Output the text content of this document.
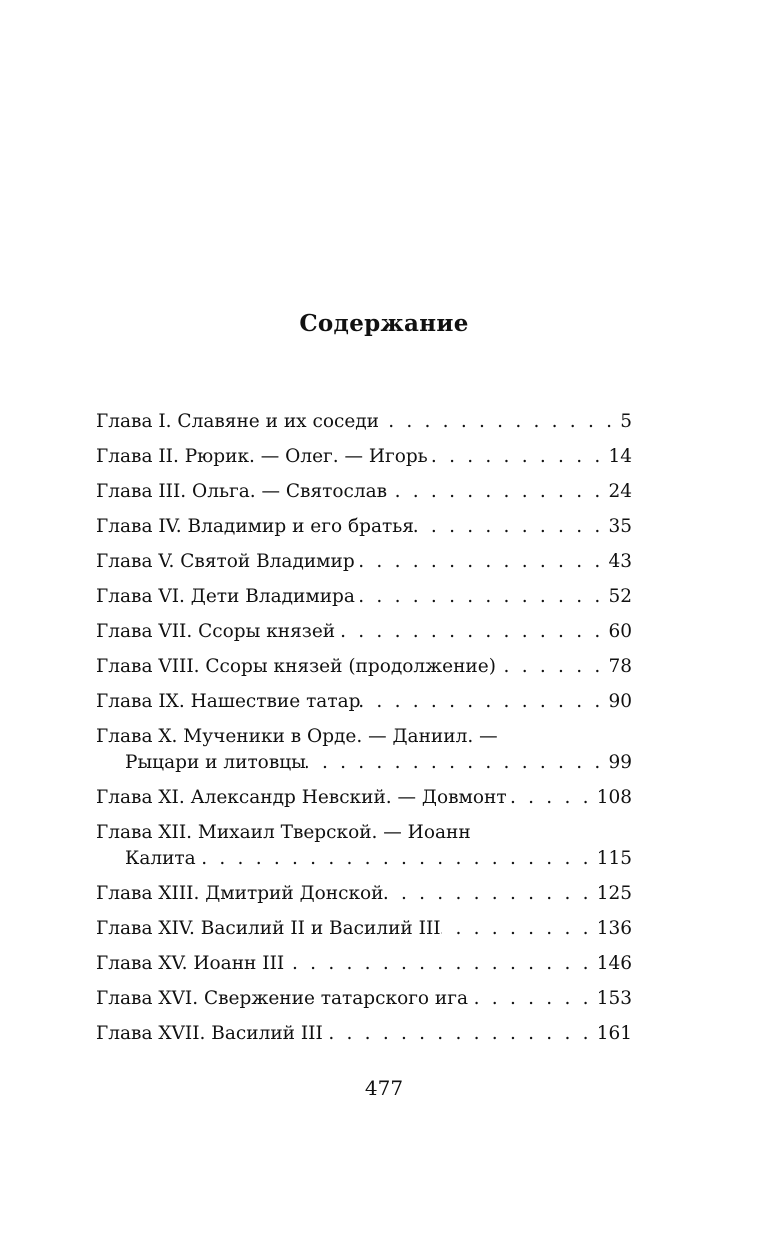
Содержание
Глава I. Славяне и их соседи . . .	5
Глава II. Рюрик. — Олег. — Игорь . . .	14
Глава III. Ольга. — Святослав . . .	24
Глава IV. Владимир и его братья . . .	35
Глава V. Святой Владимир . . .	43
Глава VI. Дети Владимира . . .	52
Глава VII. Ссоры князей . . .	60
Глава VIII. Ссоры князей (продолжение) . . .	78
Глава IX. Нашествие татар . . .	90
Глава X. Мученики в Орде. — Даниил. —
Рыцари и литовцы . . .	99
Глава XI. Александр Невский. — Довмонт . . .	108
Глава XII. Михаил Тверской. — Иоанн
Калита . . .	115
Глава XIII. Дмитрий Донской . . .	125
Глава XIV. Василий II и Василий III . . .	136
Глава XV. Иоанн III . . .	146
Глава XVI. Свержение татарского ига . . .	153
Глава XVII. Василий III . . .	161
477
